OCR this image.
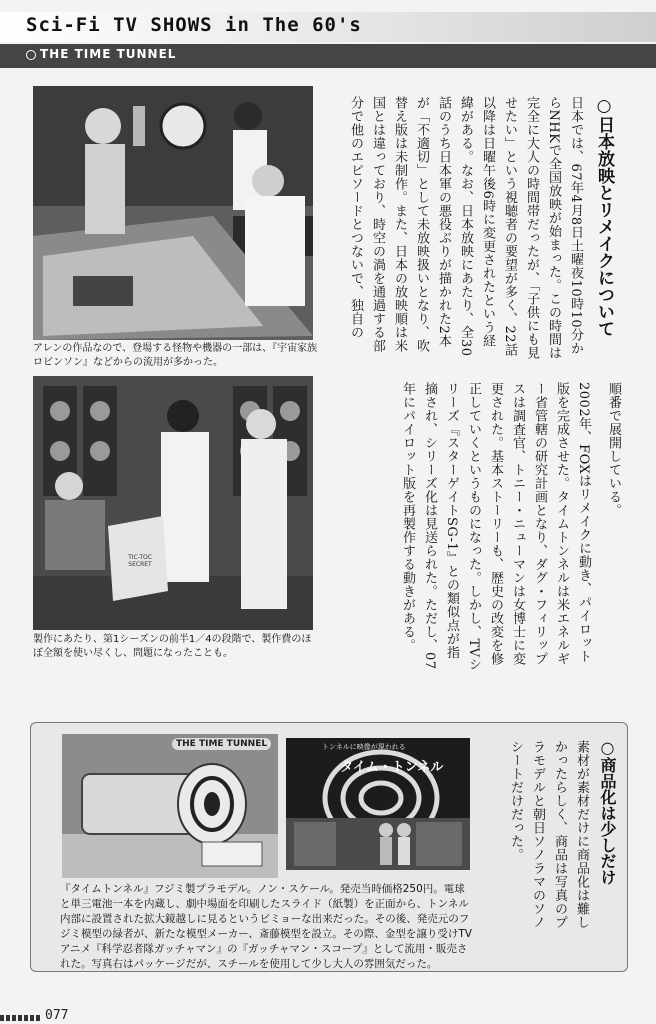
Sci-Fi TV SHOWS in The 60's
THE TIME TUNNEL
アレンの作品なので、登場する怪物や機器の一部は、『宇宙家族ロビンソン』などからの流用が多かった。
TIC-TOC SECRET
製作にあたり、第1シーズンの前半1／4の段階で、製作費のほぼ全額を使い尽くし、問題になったことも。
○日本放映とリメイクについて
日本では、67年4月8日土曜夜10時10分からNHKで全国放映が始まった。この時間は完全に大人の時間帯だったが、「子供にも見せたい」という視聴者の要望が多く、22話以降は日曜午後6時に変更されたという経緯がある。なお、日本放映にあたり、全30話のうち日本軍の悪役ぶりが描かれた2本が「不適切」として未放映扱いとなり、吹替え版は未制作。また、日本の放映順は米国とは違っており、時空の渦を通過する部分で他のエピソードとつないで、独自の
順番で展開している。
2002年、FOXはリメイクに動き、パイロット版を完成させた。タイムトンネルは米エネルギー省管轄の研究計画となり、ダグ・フィリップスは調査官、トニー・ニューマンは女博士に変更された。基本ストーリーも、歴史の改変を修正していくというものになった。しかし、TVシリーズ『スターゲイトSG-1』との類似点が指摘され、シリーズ化は見送られた。ただし、07年にパイロット版を再製作する動きがある。
THE TIME TUNNEL	トンネルに映像が現われる
タイム・トンネル
『タイムトンネル』フジミ製プラモデル。ノン・スケール。発売当時価格250円。電球と単三電池一本を内蔵し、劇中場面を印刷したスライド（紙製）を正面から、トンネル内部に設置された拡大鏡越しに見るというビミョーな出来だった。その後、発売元のフジミ模型の緑者が、新たな模型メーカー、斎藤模型を設立。その際、金型を譲り受けTVアニメ『科学忍者隊ガッチャマン』の『ガッチャマン・スコープ』として流用・販売された。写真右はパッケージだが、スチールを使用して少し大人の雰囲気だった。
○商品化は少しだけ
素材が素材だけに商品化は難しかったらしく、商品は写真のプラモデルと朝日ソノラマのソノシートだけだった。
077
